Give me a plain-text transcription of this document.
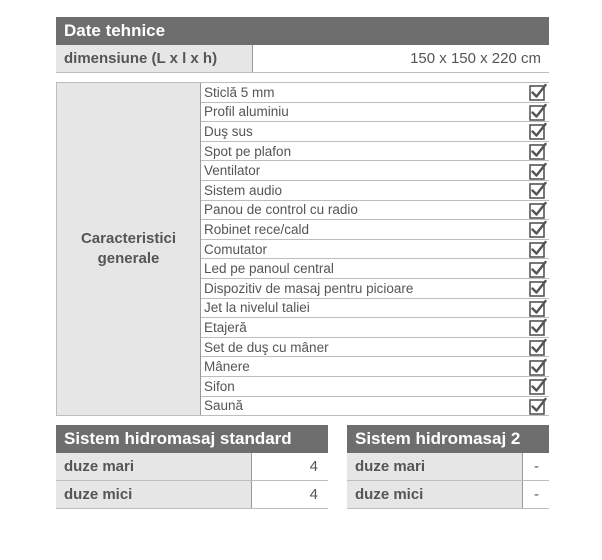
Date tehnice
dimensiune (L x l x h)	150 x 150 x 220 cm
Caracteristici
generale
Sticlă 5 mm
Profil aluminiu
Duş sus
Spot pe plafon
Ventilator
Sistem audio
Panou de control cu radio
Robinet rece/cald
Comutator
Led pe panoul central
Dispozitiv de masaj pentru picioare
Jet la nivelul taliei
Etajeră
Set de duş cu mâner
Mânere
Sifon
Saună
Sistem hidromasaj standard
duze mari	4
duze mici	4
Sistem hidromasaj 2
duze mari	-
duze mici	-
